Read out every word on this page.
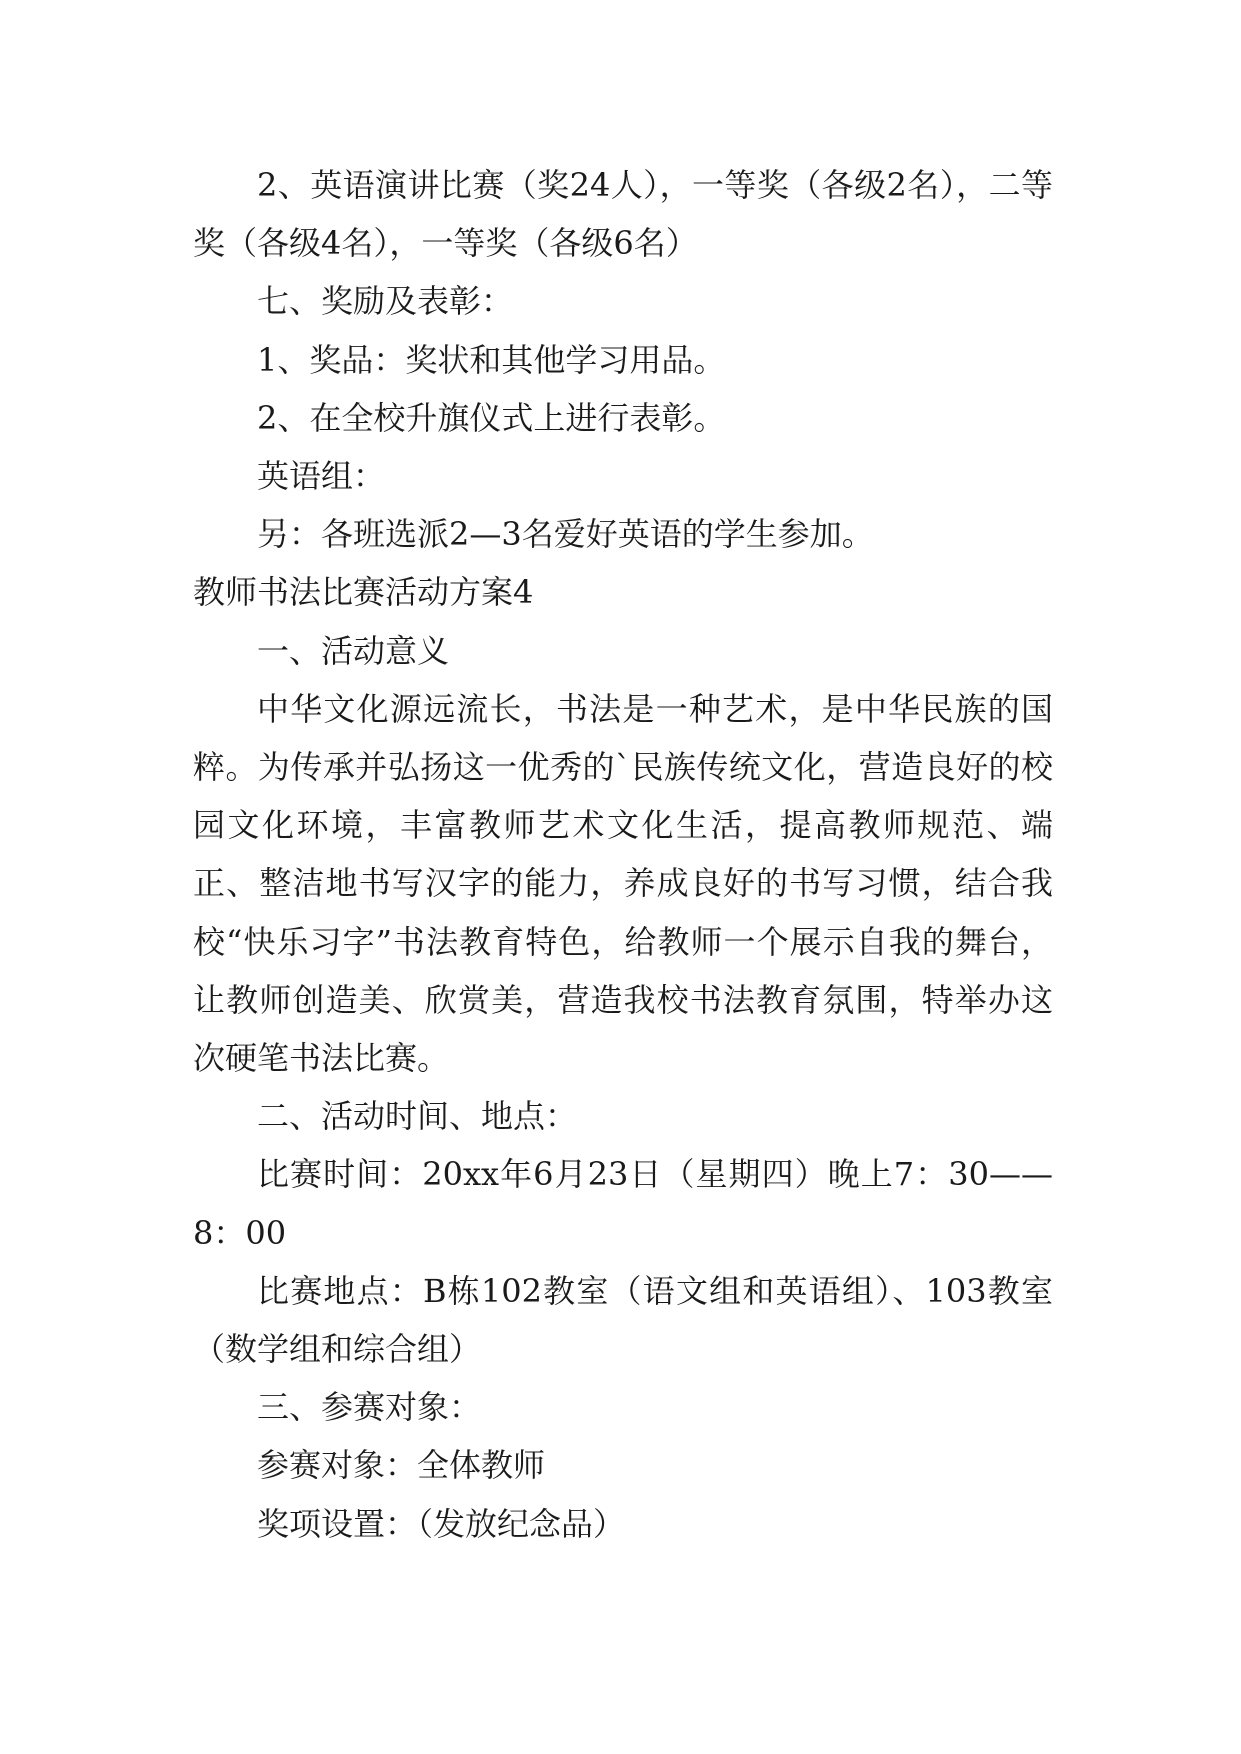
2、英语演讲比赛（奖24人），一等奖（各级2名），二等奖（各级4名），一等奖（各级6名）

七、奖励及表彰：

1、奖品：奖状和其他学习用品。

2、在全校升旗仪式上进行表彰。

英语组：

另：各班选派2—3名爱好英语的学生参加。

教师书法比赛活动方案4

一、活动意义

中华文化源远流长，书法是一种艺术，是中华民族的国粹。为传承并弘扬这一优秀的`民族传统文化，营造良好的校园文化环境，丰富教师艺术文化生活，提高教师规范、端正、整洁地书写汉字的能力，养成良好的书写习惯，结合我校“快乐习字”书法教育特色，给教师一个展示自我的舞台，让教师创造美、欣赏美，营造我校书法教育氛围，特举办这次硬笔书法比赛。

二、活动时间、地点：

比赛时间：20xx年6月23日（星期四）晚上7：30——8：00

比赛地点：B栋102教室（语文组和英语组）、103教室（数学组和综合组）

三、参赛对象：

参赛对象：全体教师

奖项设置：（发放纪念品）
